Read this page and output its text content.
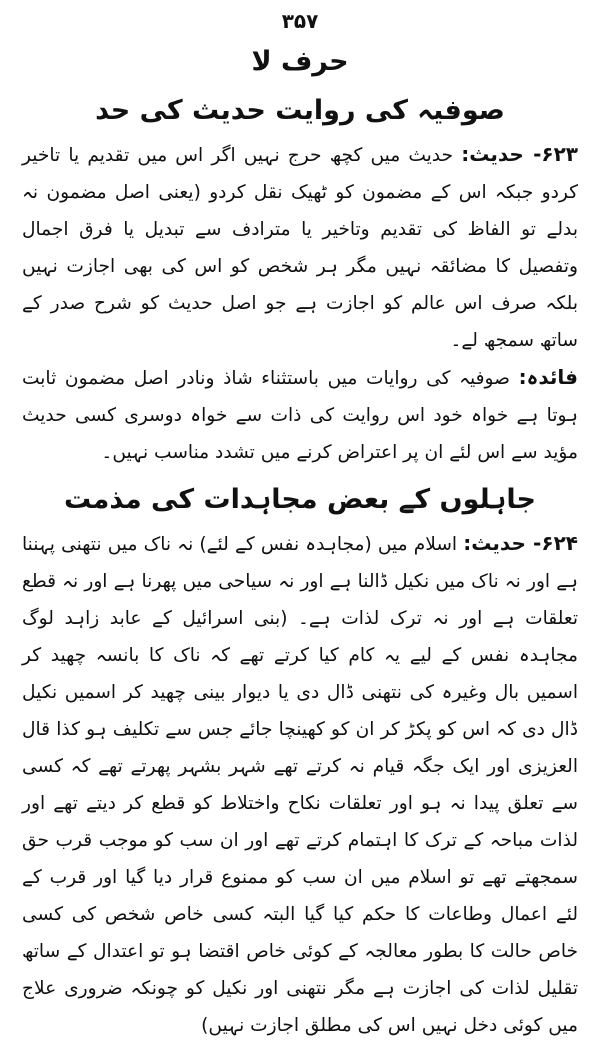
۳۵۷
حرف لا
صوفیہ کی روایت حدیث کی حد

۶۲۳- حدیث: حدیث میں کچھ حرج نہیں اگر اس میں تقدیم یا تاخیر کردو جبکہ اس کے مضمون کو ٹھیک نقل کردو (یعنی اصل مضمون نہ بدلے تو الفاظ کی تقدیم وتاخیر یا مترادف سے تبدیل یا فرق اجمال وتفصیل کا مضائقہ نہیں مگر ہر شخص کو اس کی بھی اجازت نہیں بلکہ صرف اس عالم کو اجازت ہے جو اصل حدیث کو شرح صدر کے ساتھ سمجھ لے۔

فائدہ: صوفیہ کی روایات میں باستثناء شاذ ونادر اصل مضمون ثابت ہوتا ہے خواہ خود اس روایت کی ذات سے خواہ دوسری کسی حدیث مؤید سے اس لئے ان پر اعتراض کرنے میں تشدد مناسب نہیں۔

جاہلوں کے بعض مجاہدات کی مذمت

۶۲۴- حدیث: اسلام میں (مجاہدہ نفس کے لئے) نہ ناک میں نتھنی پہننا ہے اور نہ ناک میں نکیل ڈالنا ہے اور نہ سیاحی میں پھرنا ہے اور نہ قطع تعلقات ہے اور نہ ترک لذات ہے۔ (بنی اسرائیل کے عابد زاہد لوگ مجاہدہ نفس کے لیے یہ کام کیا کرتے تھے کہ ناک کا بانسہ چھید کر اسمیں بال وغیرہ کی نتھنی ڈال دی یا دیوار بینی چھید کر اسمیں نکیل ڈال دی کہ اس کو پکڑ کر ان کو کھینچا جائے جس سے تکلیف ہو کذا قال العزیزی اور ایک جگہ قیام نہ کرتے تھے شہر بشہر پھرتے تھے کہ کسی سے تعلق پیدا نہ ہو اور تعلقات نکاح واختلاط کو قطع کر دیتے تھے اور لذات مباحہ کے ترک کا اہتمام کرتے تھے اور ان سب کو موجب قرب حق سمجھتے تھے تو اسلام میں ان سب کو ممنوع قرار دیا گیا اور قرب کے لئے اعمال وطاعات کا حکم کیا گیا البتہ کسی خاص شخص کی کسی خاص حالت کا بطور معالجہ کے کوئی خاص اقتضا ہو تو اعتدال کے ساتھ تقلیل لذات کی اجازت ہے مگر نتھنی اور نکیل کو چونکہ ضروری علاج میں کوئی دخل نہیں اس کی مطلق اجازت نہیں)
